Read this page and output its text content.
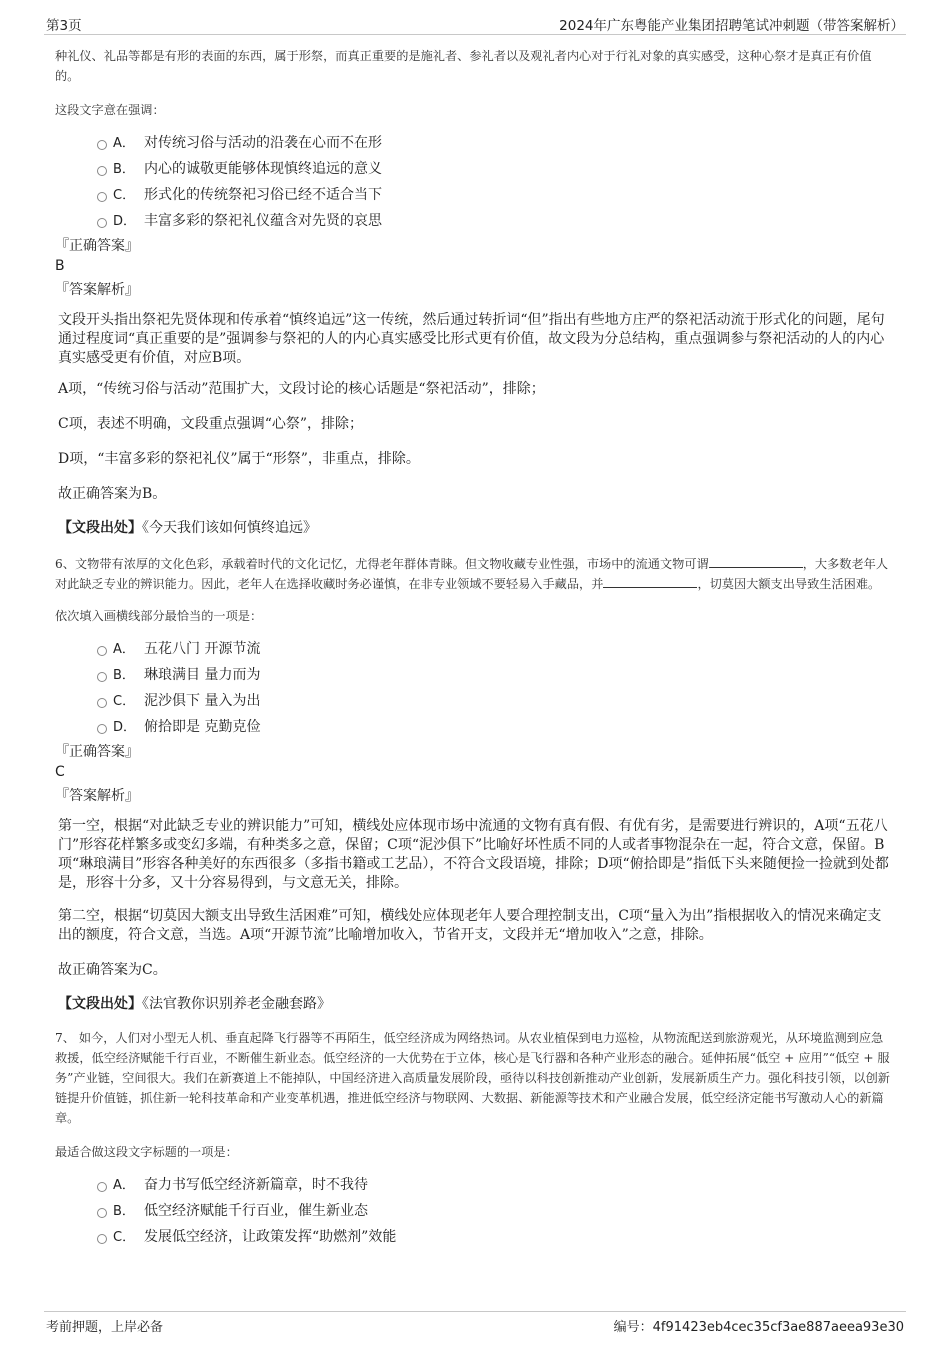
第3页	2024年广东粤能产业集团招聘笔试冲刺题（带答案解析）

种礼仪、礼品等都是有形的表面的东西，属于形祭，而真正重要的是施礼者、参礼者以及观礼者内心对于行礼对象的真实感受，这种心祭才是真正有价值的。

这段文字意在强调：

A． 对传统习俗与活动的沿袭在心而不在形
B． 内心的诚敬更能够体现慎终追远的意义
C． 形式化的传统祭祀习俗已经不适合当下
D． 丰富多彩的祭祀礼仪蕴含对先贤的哀思

『正确答案』

B

『答案解析』

文段开头指出祭祀先贤体现和传承着“慎终追远”这一传统，然后通过转折词“但”指出有些地方庄严的祭祀活动流于形式化的问题，尾句通过程度词“真正重要的是”强调参与祭祀的人的内心真实感受比形式更有价值，故文段为分总结构，重点强调参与祭祀活动的人的内心真实感受更有价值，对应B项。

A项，“传统习俗与活动”范围扩大，文段讨论的核心话题是“祭祀活动”，排除；

C项，表述不明确，文段重点强调“心祭”，排除；

D项，“丰富多彩的祭祀礼仪”属于“形祭”，非重点，排除。

故正确答案为B。

【文段出处】《今天我们该如何慎终追远》

6、文物带有浓厚的文化色彩，承载着时代的文化记忆，尤得老年群体青睐。但文物收藏专业性强，市场中的流通文物可谓	，大多数老年人对此缺乏专业的辨识能力。因此，老年人在选择收藏时务必谨慎，在非专业领域不要轻易入手藏品，并	，切莫因大额支出导致生活困难。

依次填入画横线部分最恰当的一项是：

A． 五花八门 开源节流
B． 琳琅满目 量力而为
C． 泥沙俱下 量入为出
D． 俯拾即是 克勤克俭

『正确答案』

C

『答案解析』

第一空，根据“对此缺乏专业的辨识能力”可知，横线处应体现市场中流通的文物有真有假、有优有劣，是需要进行辨识的，A项“五花八门”形容花样繁多或变幻多端，有种类多之意，保留；C项“泥沙俱下”比喻好坏性质不同的人或者事物混杂在一起，符合文意，保留。B项“琳琅满目”形容各种美好的东西很多（多指书籍或工艺品），不符合文段语境，排除；D项“俯拾即是”指低下头来随便捡一捡就到处都是，形容十分多，又十分容易得到，与文意无关，排除。

第二空，根据“切莫因大额支出导致生活困难”可知，横线处应体现老年人要合理控制支出，C项“量入为出”指根据收入的情况来确定支出的额度，符合文意，当选。A项“开源节流”比喻增加收入，节省开支，文段并无“增加收入”之意，排除。

故正确答案为C。

【文段出处】《法官教你识别养老金融套路》

7、 如今，人们对小型无人机、垂直起降飞行器等不再陌生，低空经济成为网络热词。从农业植保到电力巡检，从物流配送到旅游观光，从环境监测到应急救援，低空经济赋能千行百业，不断催生新业态。低空经济的一大优势在于立体，核心是飞行器和各种产业形态的融合。延伸拓展“低空 + 应用”“低空 + 服务”产业链，空间很大。我们在新赛道上不能掉队，中国经济进入高质量发展阶段，亟待以科技创新推动产业创新，发展新质生产力。强化科技引领，以创新链提升价值链，抓住新一轮科技革命和产业变革机遇，推进低空经济与物联网、大数据、新能源等技术和产业融合发展，低空经济定能书写激动人心的新篇章。

最适合做这段文字标题的一项是：

A． 奋力书写低空经济新篇章，时不我待
B． 低空经济赋能千行百业，催生新业态
C． 发展低空经济，让政策发挥“助燃剂”效能
考前押题，上岸必备	编号：4f91423eb4cec35cf3ae887aeea93e30
